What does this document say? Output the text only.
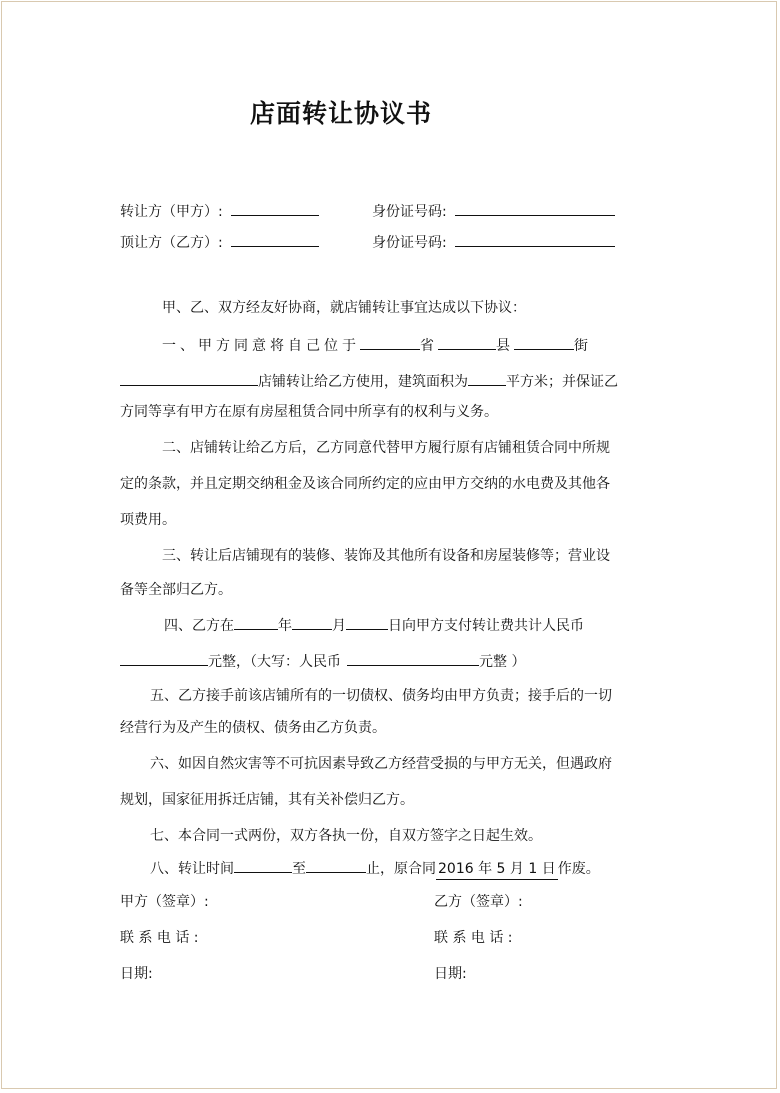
店面转让协议书
转让方（甲方）:	身份证号码:
顶让方（乙方）:	身份证号码:
甲、乙、双方经友好协商，就店铺转让事宜达成以下协议：
一、甲方同意将自己位于	省	县	街
店铺转让给乙方使用，建筑面积为	平方米；并保证乙
方同等享有甲方在原有房屋租赁合同中所享有的权利与义务。
二、店铺转让给乙方后，乙方同意代替甲方履行原有店铺租赁合同中所规
定的条款，并且定期交纳租金及该合同所约定的应由甲方交纳的水电费及其他各
项费用。
三、转让后店铺现有的装修、装饰及其他所有设备和房屋装修等；营业设
备等全部归乙方。
四、乙方在	年	月	日向甲方支付转让费共计人民币
元整，（大写：人民币	元整 ）
五、乙方接手前该店铺所有的一切债权、债务均由甲方负责；接手后的一切
经营行为及产生的债权、债务由乙方负责。
六、如因自然灾害等不可抗因素导致乙方经营受损的与甲方无关，但遇政府
规划，国家征用拆迁店铺，其有关补偿归乙方。
七、本合同一式两份，双方各执一份，自双方签字之日起生效。
八、转让时间	至	止，原合同 2016 年 5 月 1 日 作废。
甲方（签章）:	乙方（签章）:
联 系 电 话 :	联 系 电 话 :
日期:	日期:
